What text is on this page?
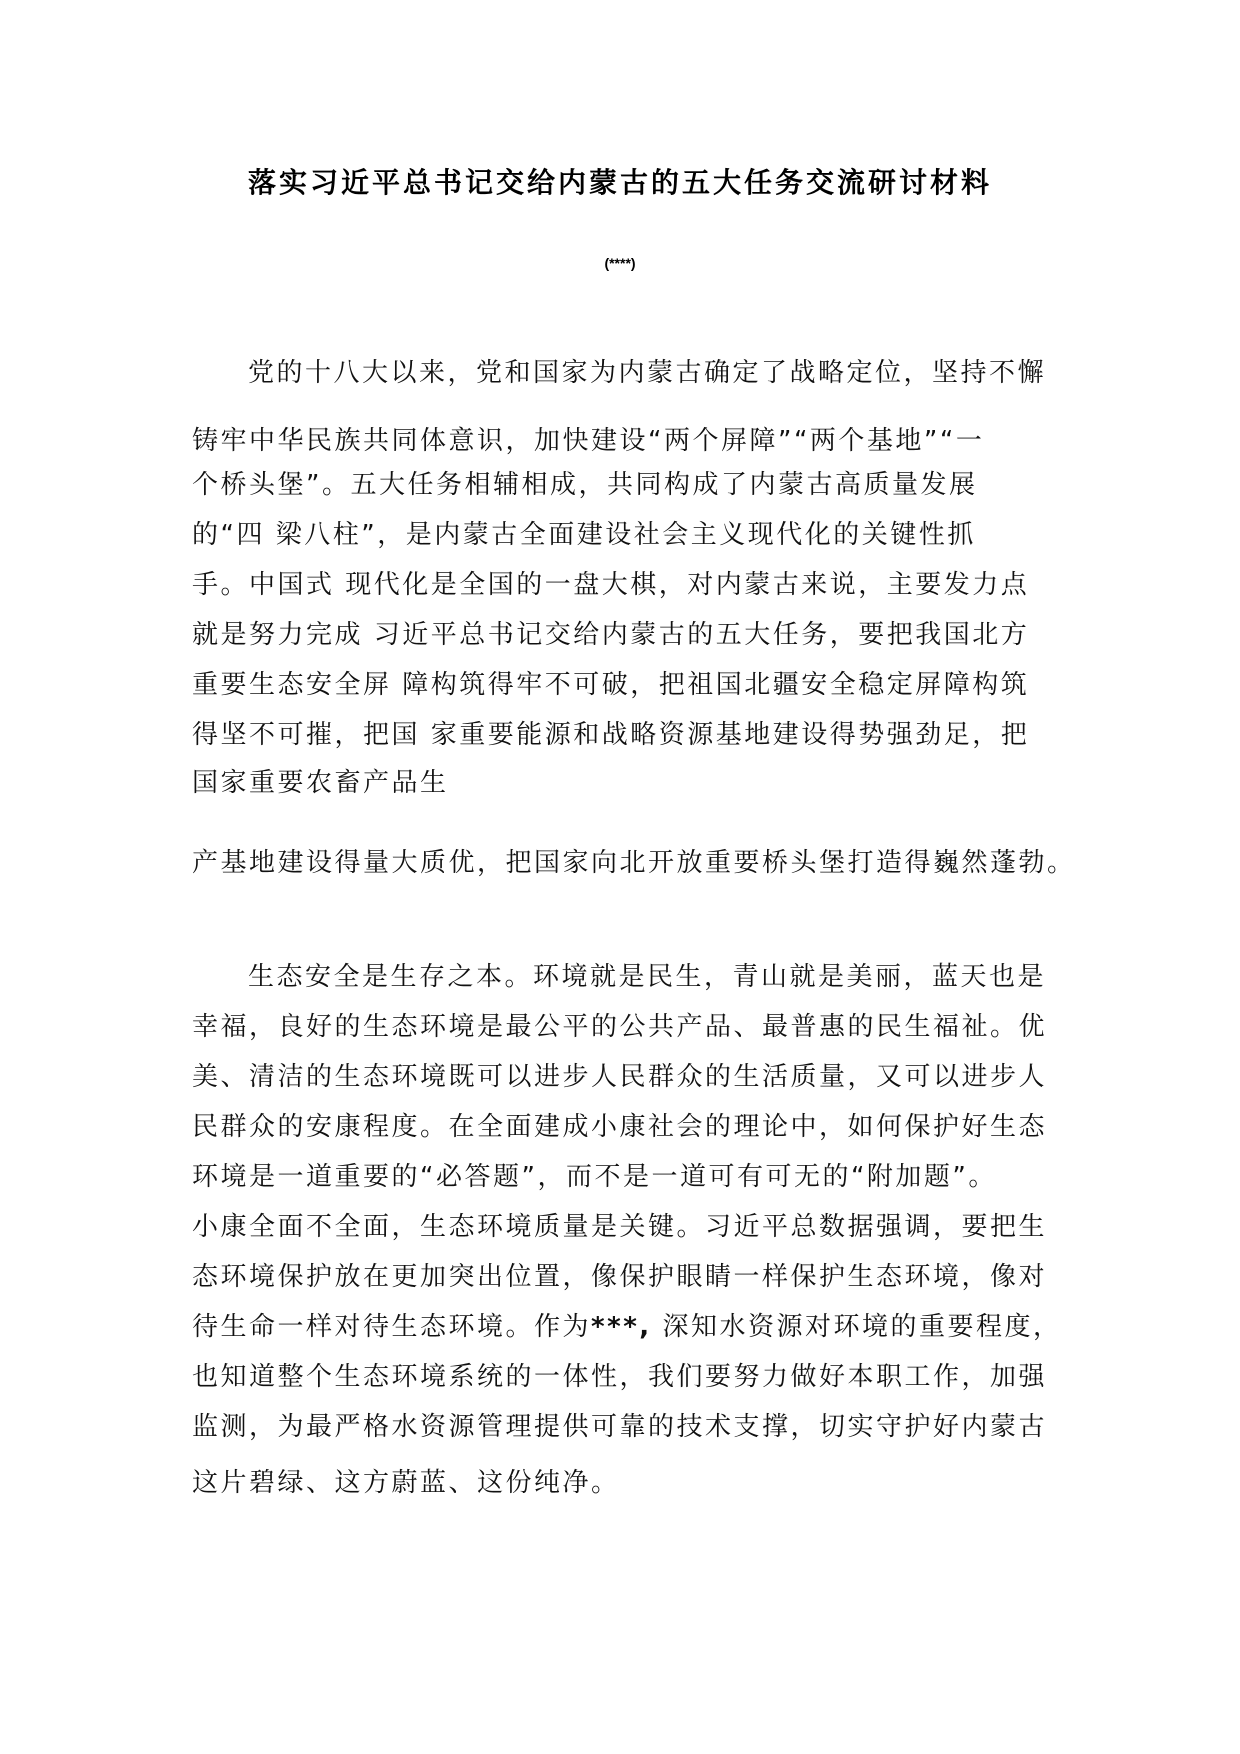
落实习近平总书记交给内蒙古的五大任务交流研讨材料
(****)
党的十八大以来，党和国家为内蒙古确定了战略定位，坚持不懈
铸牢中华民族共同体意识，加快建设“两个屏障”“两个基地”“一
个桥头堡”。五大任务相辅相成，共同构成了内蒙古高质量发展
的“四 梁八柱”，是内蒙古全面建设社会主义现代化的关键性抓
手。中国式 现代化是全国的一盘大棋，对内蒙古来说，主要发力点
就是努力完成 习近平总书记交给内蒙古的五大任务，要把我国北方
重要生态安全屏 障构筑得牢不可破，把祖国北疆安全稳定屏障构筑
得坚不可摧，把国 家重要能源和战略资源基地建设得势强劲足，把
国家重要农畜产品生
产基地建设得量大质优，把国家向北开放重要桥头堡打造得巍然蓬勃。
生态安全是生存之本。环境就是民生，青山就是美丽，蓝天也是
幸福，良好的生态环境是最公平的公共产品、最普惠的民生福祉。优
美、清洁的生态环境既可以进步人民群众的生活质量，又可以进步人
民群众的安康程度。在全面建成小康社会的理论中，如何保护好生态
环境是一道重要的“必答题”，而不是一道可有可无的“附加题”。
小康全面不全面，生态环境质量是关键。习近平总数据强调，要把生
态环境保护放在更加突出位置，像保护眼睛一样保护生态环境，像对
待生命一样对待生态环境。作为***, 深知水资源对环境的重要程度，
也知道整个生态环境系统的一体性，我们要努力做好本职工作，加强
监测，为最严格水资源管理提供可靠的技术支撑，切实守护好内蒙古
这片碧绿、这方蔚蓝、这份纯净。
